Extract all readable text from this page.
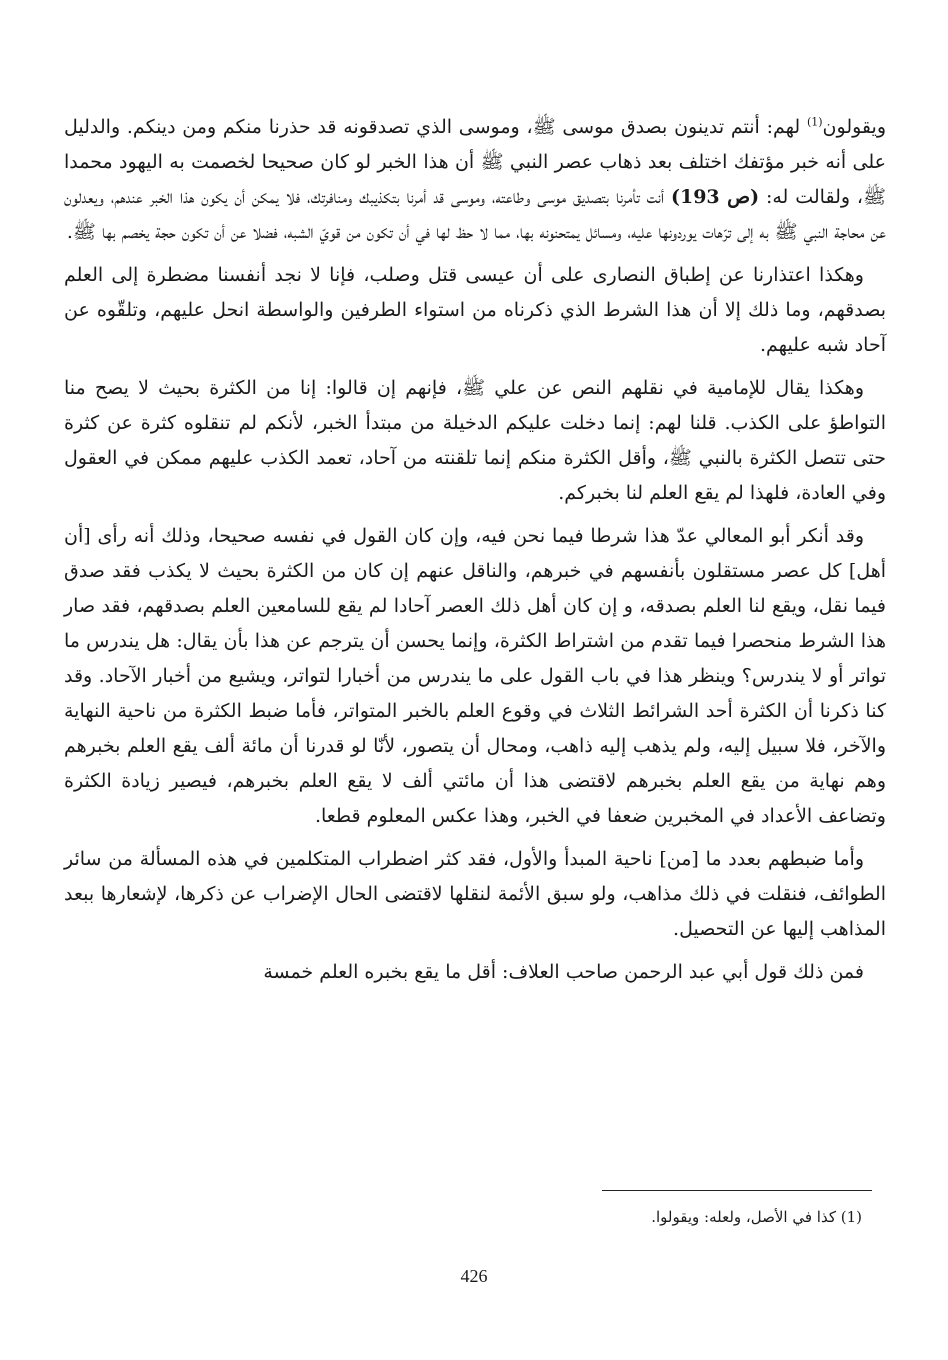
ويقولون$^{(1)}$ لهم: أنتم تدينون بصدق موسى ﷺ، وموسى الذي تصدقونه قد حذرنا منكم ومن دينكم. والدليل على أنه خبر مؤتفك اختلف بعد ذهاب عصر النبي ﷺ أن هذا الخبر لو كان صحيحا لخصمت به اليهود محمدا ﷺ، ولقالت له: (ص 193) أنت تأمرنا بتصديق موسى وطاعته، وموسى قد أمرنا بتكذيبك ومنافرتك، فلا يمكن أن يكون هذا الخبر عندهم، ويعدلون عن محاجة النبي ﷺ به إلى ترّهات يوردونها عليه، ومسائل يمتحنونه بها، مما لا حظ لها في أن تكون من قويّ الشبه، فضلا عن أن تكون حجة يخصم بها ﷺ.

وهكذا اعتذارنا عن إطباق النصارى على أن عيسى قتل وصلب، فإنا لا نجد أنفسنا مضطرة إلى العلم بصدقهم، وما ذلك إلا أن هذا الشرط الذي ذكرناه من استواء الطرفين والواسطة انحل عليهم، وتلقّوه عن آحاد شبه عليهم.

وهكذا يقال للإمامية في نقلهم النص عن علي ﷺ، فإنهم إن قالوا: إنا من الكثرة بحيث لا يصح منا التواطؤ على الكذب. قلنا لهم: إنما دخلت عليكم الدخيلة من مبتدأ الخبر، لأنكم لم تنقلوه كثرة عن كثرة حتى تتصل الكثرة بالنبي ﷺ، وأقل الكثرة منكم إنما تلقنته من آحاد، تعمد الكذب عليهم ممكن في العقول وفي العادة، فلهذا لم يقع العلم لنا بخبركم.

وقد أنكر أبو المعالي عدّ هذا شرطا فيما نحن فيه، وإن كان القول في نفسه صحيحا، وذلك أنه رأى [أن أهل] كل عصر مستقلون بأنفسهم في خبرهم، والناقل عنهم إن كان من الكثرة بحيث لا يكذب فقد صدق فيما نقل، ويقع لنا العلم بصدقه، و إن كان أهل ذلك العصر آحادا لم يقع للسامعين العلم بصدقهم، فقد صار هذا الشرط منحصرا فيما تقدم من اشتراط الكثرة، وإنما يحسن أن يترجم عن هذا بأن يقال: هل يندرس ما تواتر أو لا يندرس؟ وينظر هذا في باب القول على ما يندرس من أخبارا لتواتر، ويشيع من أخبار الآحاد. وقد كنا ذكرنا أن الكثرة أحد الشرائط الثلاث في وقوع العلم بالخبر المتواتر، فأما ضبط الكثرة من ناحية النهاية والآخر، فلا سبيل إليه، ولم يذهب إليه ذاهب، ومحال أن يتصور، لأنّا لو قدرنا أن مائة ألف يقع العلم بخبرهم وهم نهاية من يقع العلم بخبرهم لاقتضى هذا أن مائتي ألف لا يقع العلم بخبرهم، فيصير زيادة الكثرة وتضاعف الأعداد في المخبرين ضعفا في الخبر، وهذا عكس المعلوم قطعا.

وأما ضبطهم بعدد ما [من] ناحية المبدأ والأول، فقد كثر اضطراب المتكلمين في هذه المسألة من سائر الطوائف، فنقلت في ذلك مذاهب، ولو سبق الأئمة لنقلها لاقتضى الحال الإضراب عن ذكرها، لإشعارها ببعد المذاهب إليها عن التحصيل.

فمن ذلك قول أبي عبد الرحمن صاحب العلاف: أقل ما يقع بخبره العلم خمسة

(1) كذا في الأصل، ولعله: ويقولوا.
426
